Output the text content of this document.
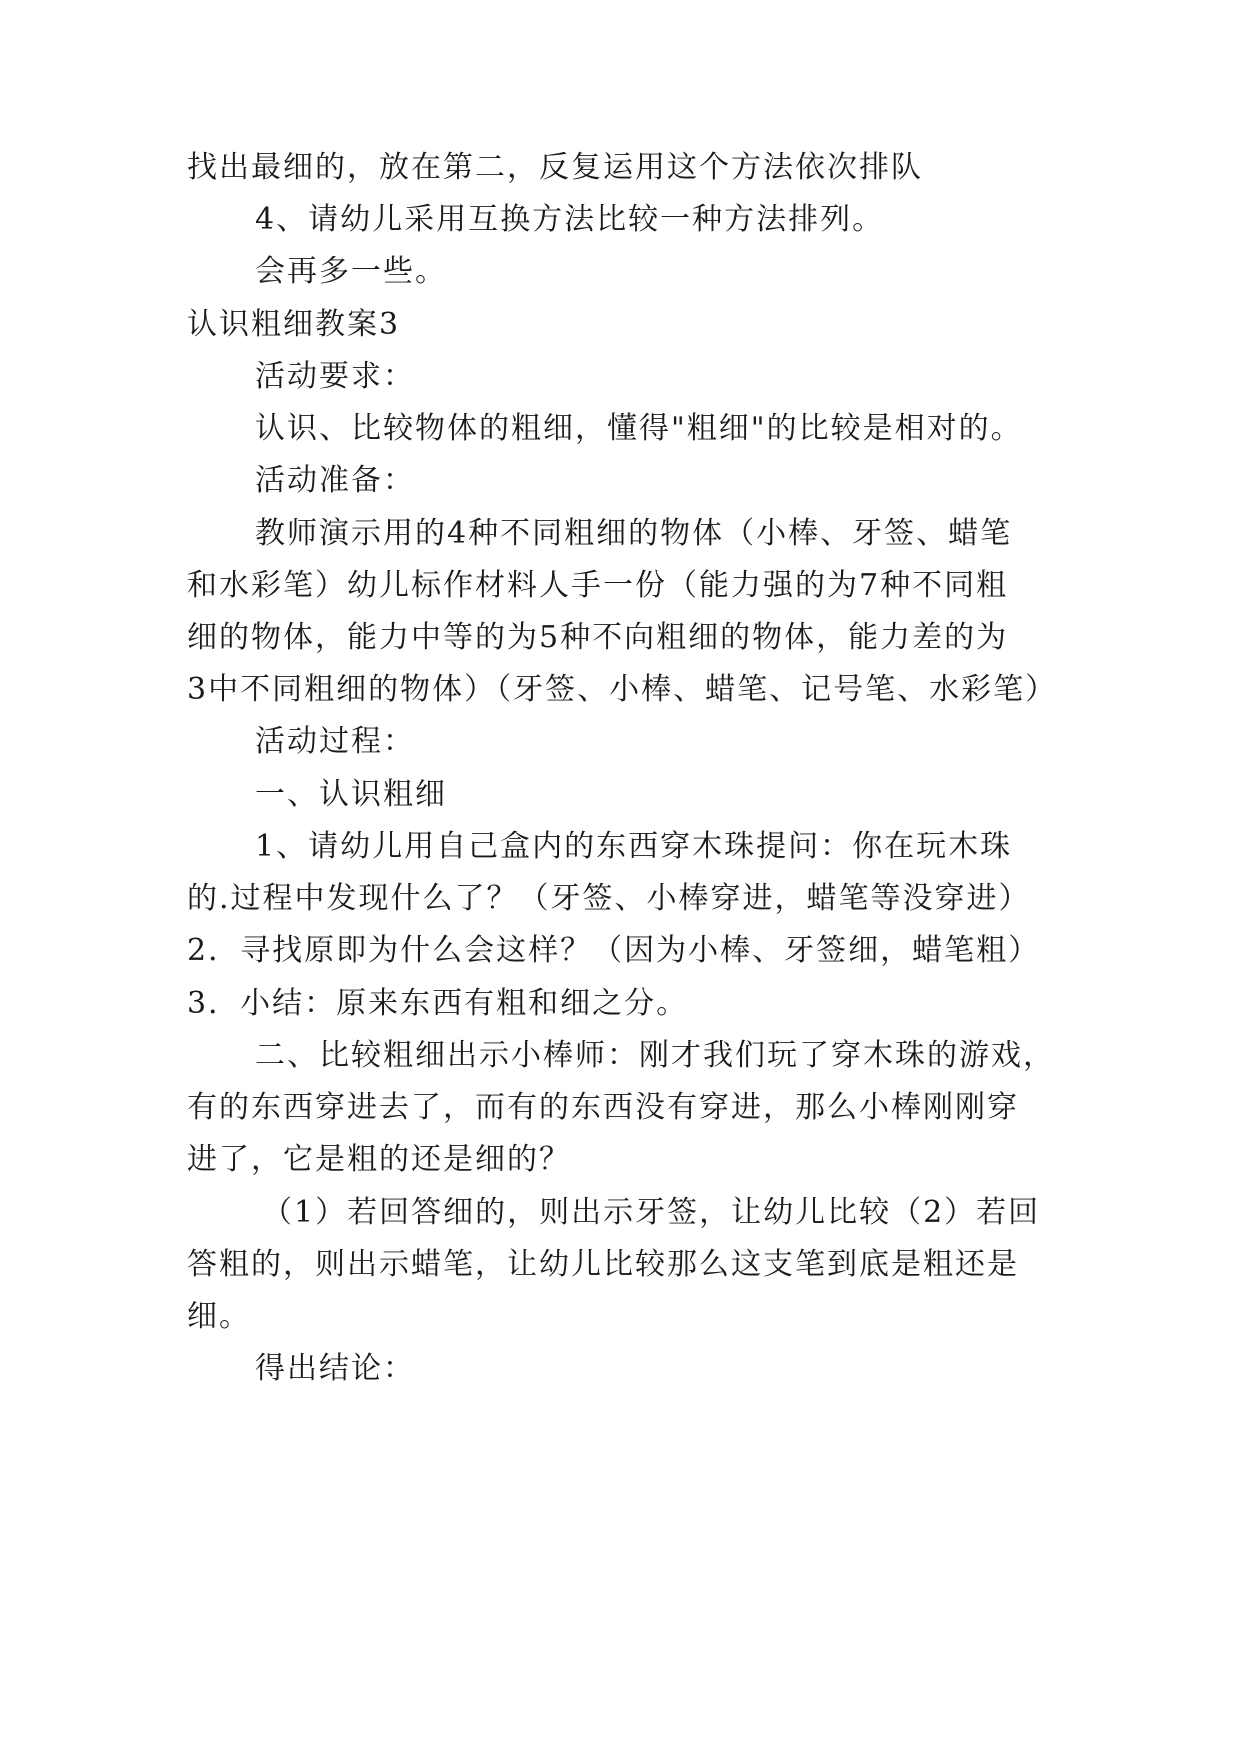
找出最细的，放在第二，反复运用这个方法依次排队
4、请幼儿采用互换方法比较一种方法排列。
会再多一些。
认识粗细教案3
活动要求：
认识、比较物体的粗细，懂得"粗细"的比较是相对的。
活动准备：
教师演示用的4种不同粗细的物体（小棒、牙签、蜡笔
和水彩笔）幼儿标作材料人手一份（能力强的为7种不同粗
细的物体，能力中等的为5种不向粗细的物体，能力差的为
3中不同粗细的物体）（牙签、小棒、蜡笔、记号笔、水彩笔）
活动过程：
一、认识粗细
1、请幼儿用自己盒内的东西穿木珠提问：你在玩木珠
的.过程中发现什么了？（牙签、小棒穿进，蜡笔等没穿进）
2．寻找原即为什么会这样？（因为小棒、牙签细，蜡笔粗）
3．小结：原来东西有粗和细之分。
二、比较粗细出示小棒师：刚才我们玩了穿木珠的游戏，
有的东西穿进去了，而有的东西没有穿进，那么小棒刚刚穿
进了，它是粗的还是细的？
（1）若回答细的，则出示牙签，让幼儿比较（2）若回
答粗的，则出示蜡笔，让幼儿比较那么这支笔到底是粗还是
细。
得出结论：
